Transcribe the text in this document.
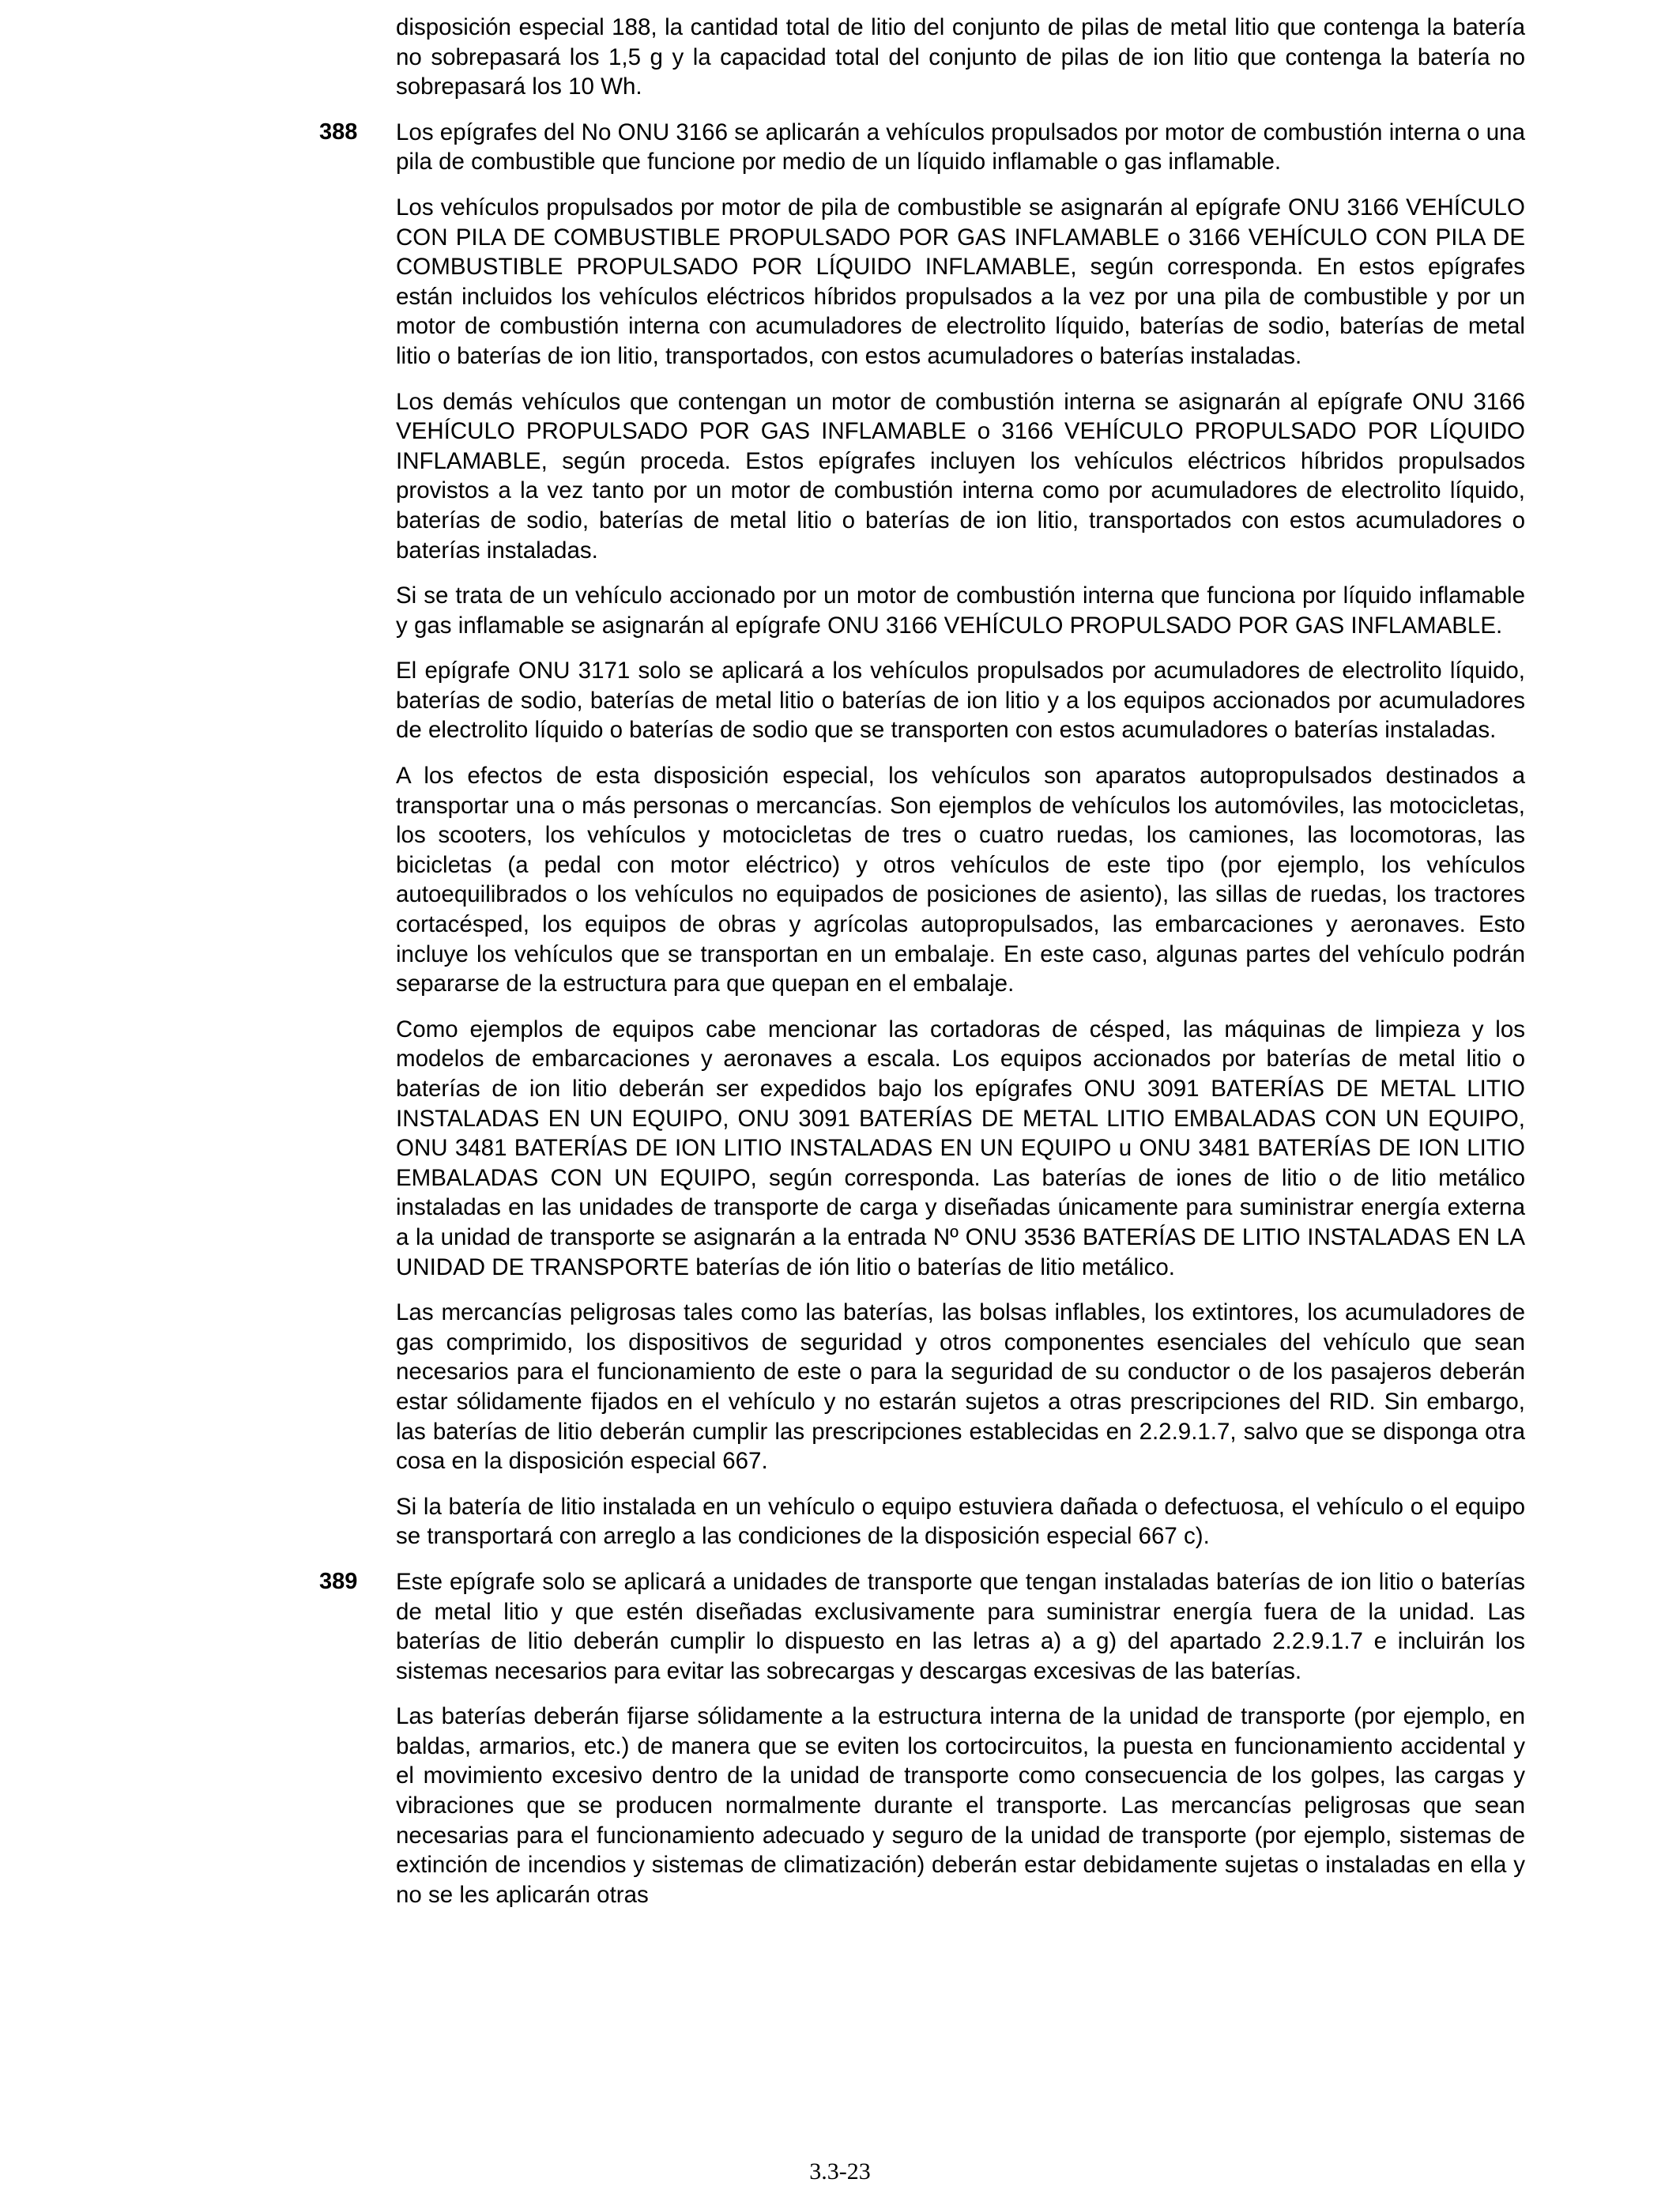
disposición especial 188, la cantidad total de litio del conjunto de pilas de metal litio que contenga la batería no sobrepasará los 1,5 g y la capacidad total del conjunto de pilas de ion litio que contenga la batería no sobrepasará los 10 Wh.

388 Los epígrafes del No ONU 3166 se aplicarán a vehículos propulsados por motor de combustión interna o una pila de combustible que funcione por medio de un líquido inflamable o gas inflamable.

Los vehículos propulsados por motor de pila de combustible se asignarán al epígrafe ONU 3166 VEHÍCULO CON PILA DE COMBUSTIBLE PROPULSADO POR GAS INFLAMABLE o 3166 VEHÍCULO CON PILA DE COMBUSTIBLE PROPULSADO POR LÍQUIDO INFLAMABLE, según corresponda. En estos epígrafes están incluidos los vehículos eléctricos híbridos propulsados a la vez por una pila de combustible y por un motor de combustión interna con acumuladores de electrolito líquido, baterías de sodio, baterías de metal litio o baterías de ion litio, transportados, con estos acumuladores o baterías instaladas.

Los demás vehículos que contengan un motor de combustión interna se asignarán al epígrafe ONU 3166 VEHÍCULO PROPULSADO POR GAS INFLAMABLE o 3166 VEHÍCULO PROPULSADO POR LÍQUIDO INFLAMABLE, según proceda. Estos epígrafes incluyen los vehículos eléctricos híbridos propulsados provistos a la vez tanto por un motor de combustión interna como por acumuladores de electrolito líquido, baterías de sodio, baterías de metal litio o baterías de ion litio, transportados con estos acumuladores o baterías instaladas.

Si se trata de un vehículo accionado por un motor de combustión interna que funciona por líquido inflamable y gas inflamable se asignarán al epígrafe ONU 3166 VEHÍCULO PROPULSADO POR GAS INFLAMABLE.

El epígrafe ONU 3171 solo se aplicará a los vehículos propulsados por acumuladores de electrolito líquido, baterías de sodio, baterías de metal litio o baterías de ion litio y a los equipos accionados por acumuladores de electrolito líquido o baterías de sodio que se transporten con estos acumuladores o baterías instaladas.

A los efectos de esta disposición especial, los vehículos son aparatos autopropulsados destinados a transportar una o más personas o mercancías. Son ejemplos de vehículos los automóviles, las motocicletas, los scooters, los vehículos y motocicletas de tres o cuatro ruedas, los camiones, las locomotoras, las bicicletas (a pedal con motor eléctrico) y otros vehículos de este tipo (por ejemplo, los vehículos autoequilibrados o los vehículos no equipados de posiciones de asiento), las sillas de ruedas, los tractores cortacésped, los equipos de obras y agrícolas autopropulsados, las embarcaciones y aeronaves. Esto incluye los vehículos que se transportan en un embalaje. En este caso, algunas partes del vehículo podrán separarse de la estructura para que quepan en el embalaje.

Como ejemplos de equipos cabe mencionar las cortadoras de césped, las máquinas de limpieza y los modelos de embarcaciones y aeronaves a escala. Los equipos accionados por baterías de metal litio o baterías de ion litio deberán ser expedidos bajo los epígrafes ONU 3091 BATERÍAS DE METAL LITIO INSTALADAS EN UN EQUIPO, ONU 3091 BATERÍAS DE METAL LITIO EMBALADAS CON UN EQUIPO, ONU 3481 BATERÍAS DE ION LITIO INSTALADAS EN UN EQUIPO u ONU 3481 BATERÍAS DE ION LITIO EMBALADAS CON UN EQUIPO, según corresponda. Las baterías de iones de litio o de litio metálico instaladas en las unidades de transporte de carga y diseñadas únicamente para suministrar energía externa a la unidad de transporte se asignarán a la entrada Nº ONU 3536 BATERÍAS DE LITIO INSTALADAS EN LA UNIDAD DE TRANSPORTE baterías de ión litio o baterías de litio metálico.

Las mercancías peligrosas tales como las baterías, las bolsas inflables, los extintores, los acumuladores de gas comprimido, los dispositivos de seguridad y otros componentes esenciales del vehículo que sean necesarios para el funcionamiento de este o para la seguridad de su conductor o de los pasajeros deberán estar sólidamente fijados en el vehículo y no estarán sujetos a otras prescripciones del RID. Sin embargo, las baterías de litio deberán cumplir las prescripciones establecidas en 2.2.9.1.7, salvo que se disponga otra cosa en la disposición especial 667.

Si la batería de litio instalada en un vehículo o equipo estuviera dañada o defectuosa, el vehículo o el equipo se transportará con arreglo a las condiciones de la disposición especial 667 c).

389 Este epígrafe solo se aplicará a unidades de transporte que tengan instaladas baterías de ion litio o baterías de metal litio y que estén diseñadas exclusivamente para suministrar energía fuera de la unidad. Las baterías de litio deberán cumplir lo dispuesto en las letras a) a g) del apartado 2.2.9.1.7 e incluirán los sistemas necesarios para evitar las sobrecargas y descargas excesivas de las baterías.

Las baterías deberán fijarse sólidamente a la estructura interna de la unidad de transporte (por ejemplo, en baldas, armarios, etc.) de manera que se eviten los cortocircuitos, la puesta en funcionamiento accidental y el movimiento excesivo dentro de la unidad de transporte como consecuencia de los golpes, las cargas y vibraciones que se producen normalmente durante el transporte. Las mercancías peligrosas que sean necesarias para el funcionamiento adecuado y seguro de la unidad de transporte (por ejemplo, sistemas de extinción de incendios y sistemas de climatización) deberán estar debidamente sujetas o instaladas en ella y no se les aplicarán otras

3.3-23
